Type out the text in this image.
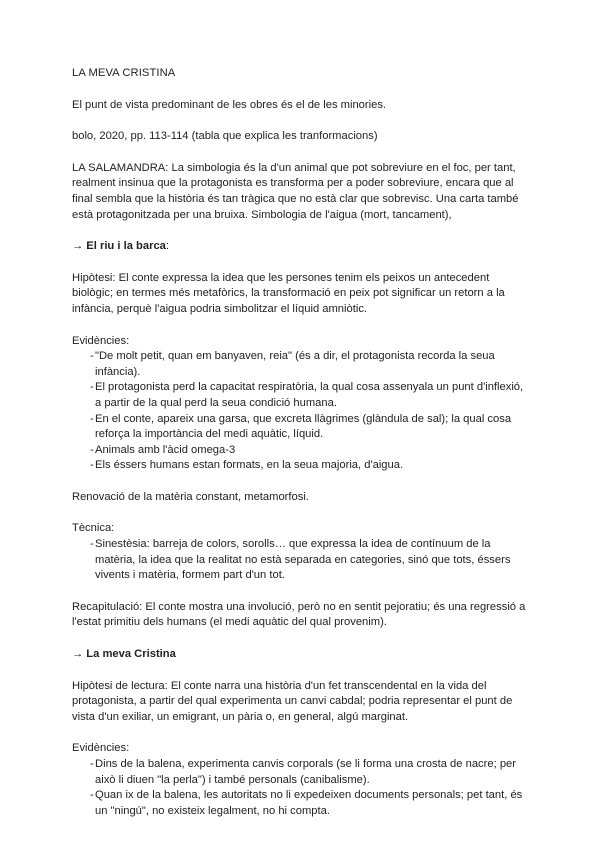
LA MEVA CRISTINA

El punt de vista predominant de les obres és el de les minories.

bolo, 2020, pp. 113-114 (tabla que explica les tranformacions)

LA SALAMANDRA: La simbologia és la d'un animal que pot sobreviure en el foc, per tant, realment insinua que la protagonista es transforma per a poder sobreviure, encara que al final sembla que la història és tan tràgica que no està clar que sobrevisc. Una carta també està protagonitzada per una bruixa. Simbologia de l'aigua (mort, tancament),

→ El riu i la barca:

Hipòtesi: El conte expressa la idea que les persones tenim els peixos un antecedent biològic; en termes més metafòrics, la transformació en peix pot significar un retorn a la infància, perquè l'aigua podria simbolitzar el líquid amniòtic.

Evidències:

- "De molt petit, quan em banyaven, reia" (és a dir, el protagonista recorda la seua infància).
- El protagonista perd la capacitat respiratòria, la qual cosa assenyala un punt d'inflexió, a partir de la qual perd la seua condició humana.
- En el conte, apareix una garsa, que excreta llàgrimes (glàndula de sal); la qual cosa reforça la importància del medi aquàtic, líquid.
- Animals amb l'àcid omega-3
- Els éssers humans estan formats, en la seua majoria, d'aigua.

Renovació de la matèria constant, metamorfosi.

Tècnica:

- Sinestèsia: barreja de colors, sorolls… que expressa la idea de contínuum de la matèria, la idea que la realitat no està separada en categories, sinó que tots, éssers vivents i matèria, formem part d'un tot.

Recapitulació: El conte mostra una involució, però no en sentit pejoratiu; és una regressió a l'estat primitiu dels humans (el medi aquàtic del qual provenim).

→ La meva Cristina

Hipòtesi de lectura: El conte narra una història d'un fet transcendental en la vida del protagonista, a partir del qual experimenta un canvi cabdal; podria representar el punt de vista d'un exiliar, un emigrant, un pària o, en general, algú marginat.

Evidències:

- Dins de la balena, experimenta canvis corporals (se li forma una crosta de nacre; per això li diuen "la perla") i també personals (canibalisme).
- Quan ix de la balena, les autoritats no li expedeixen documents personals; pet tant, és un "ningú", no existeix legalment, no hi compta.
